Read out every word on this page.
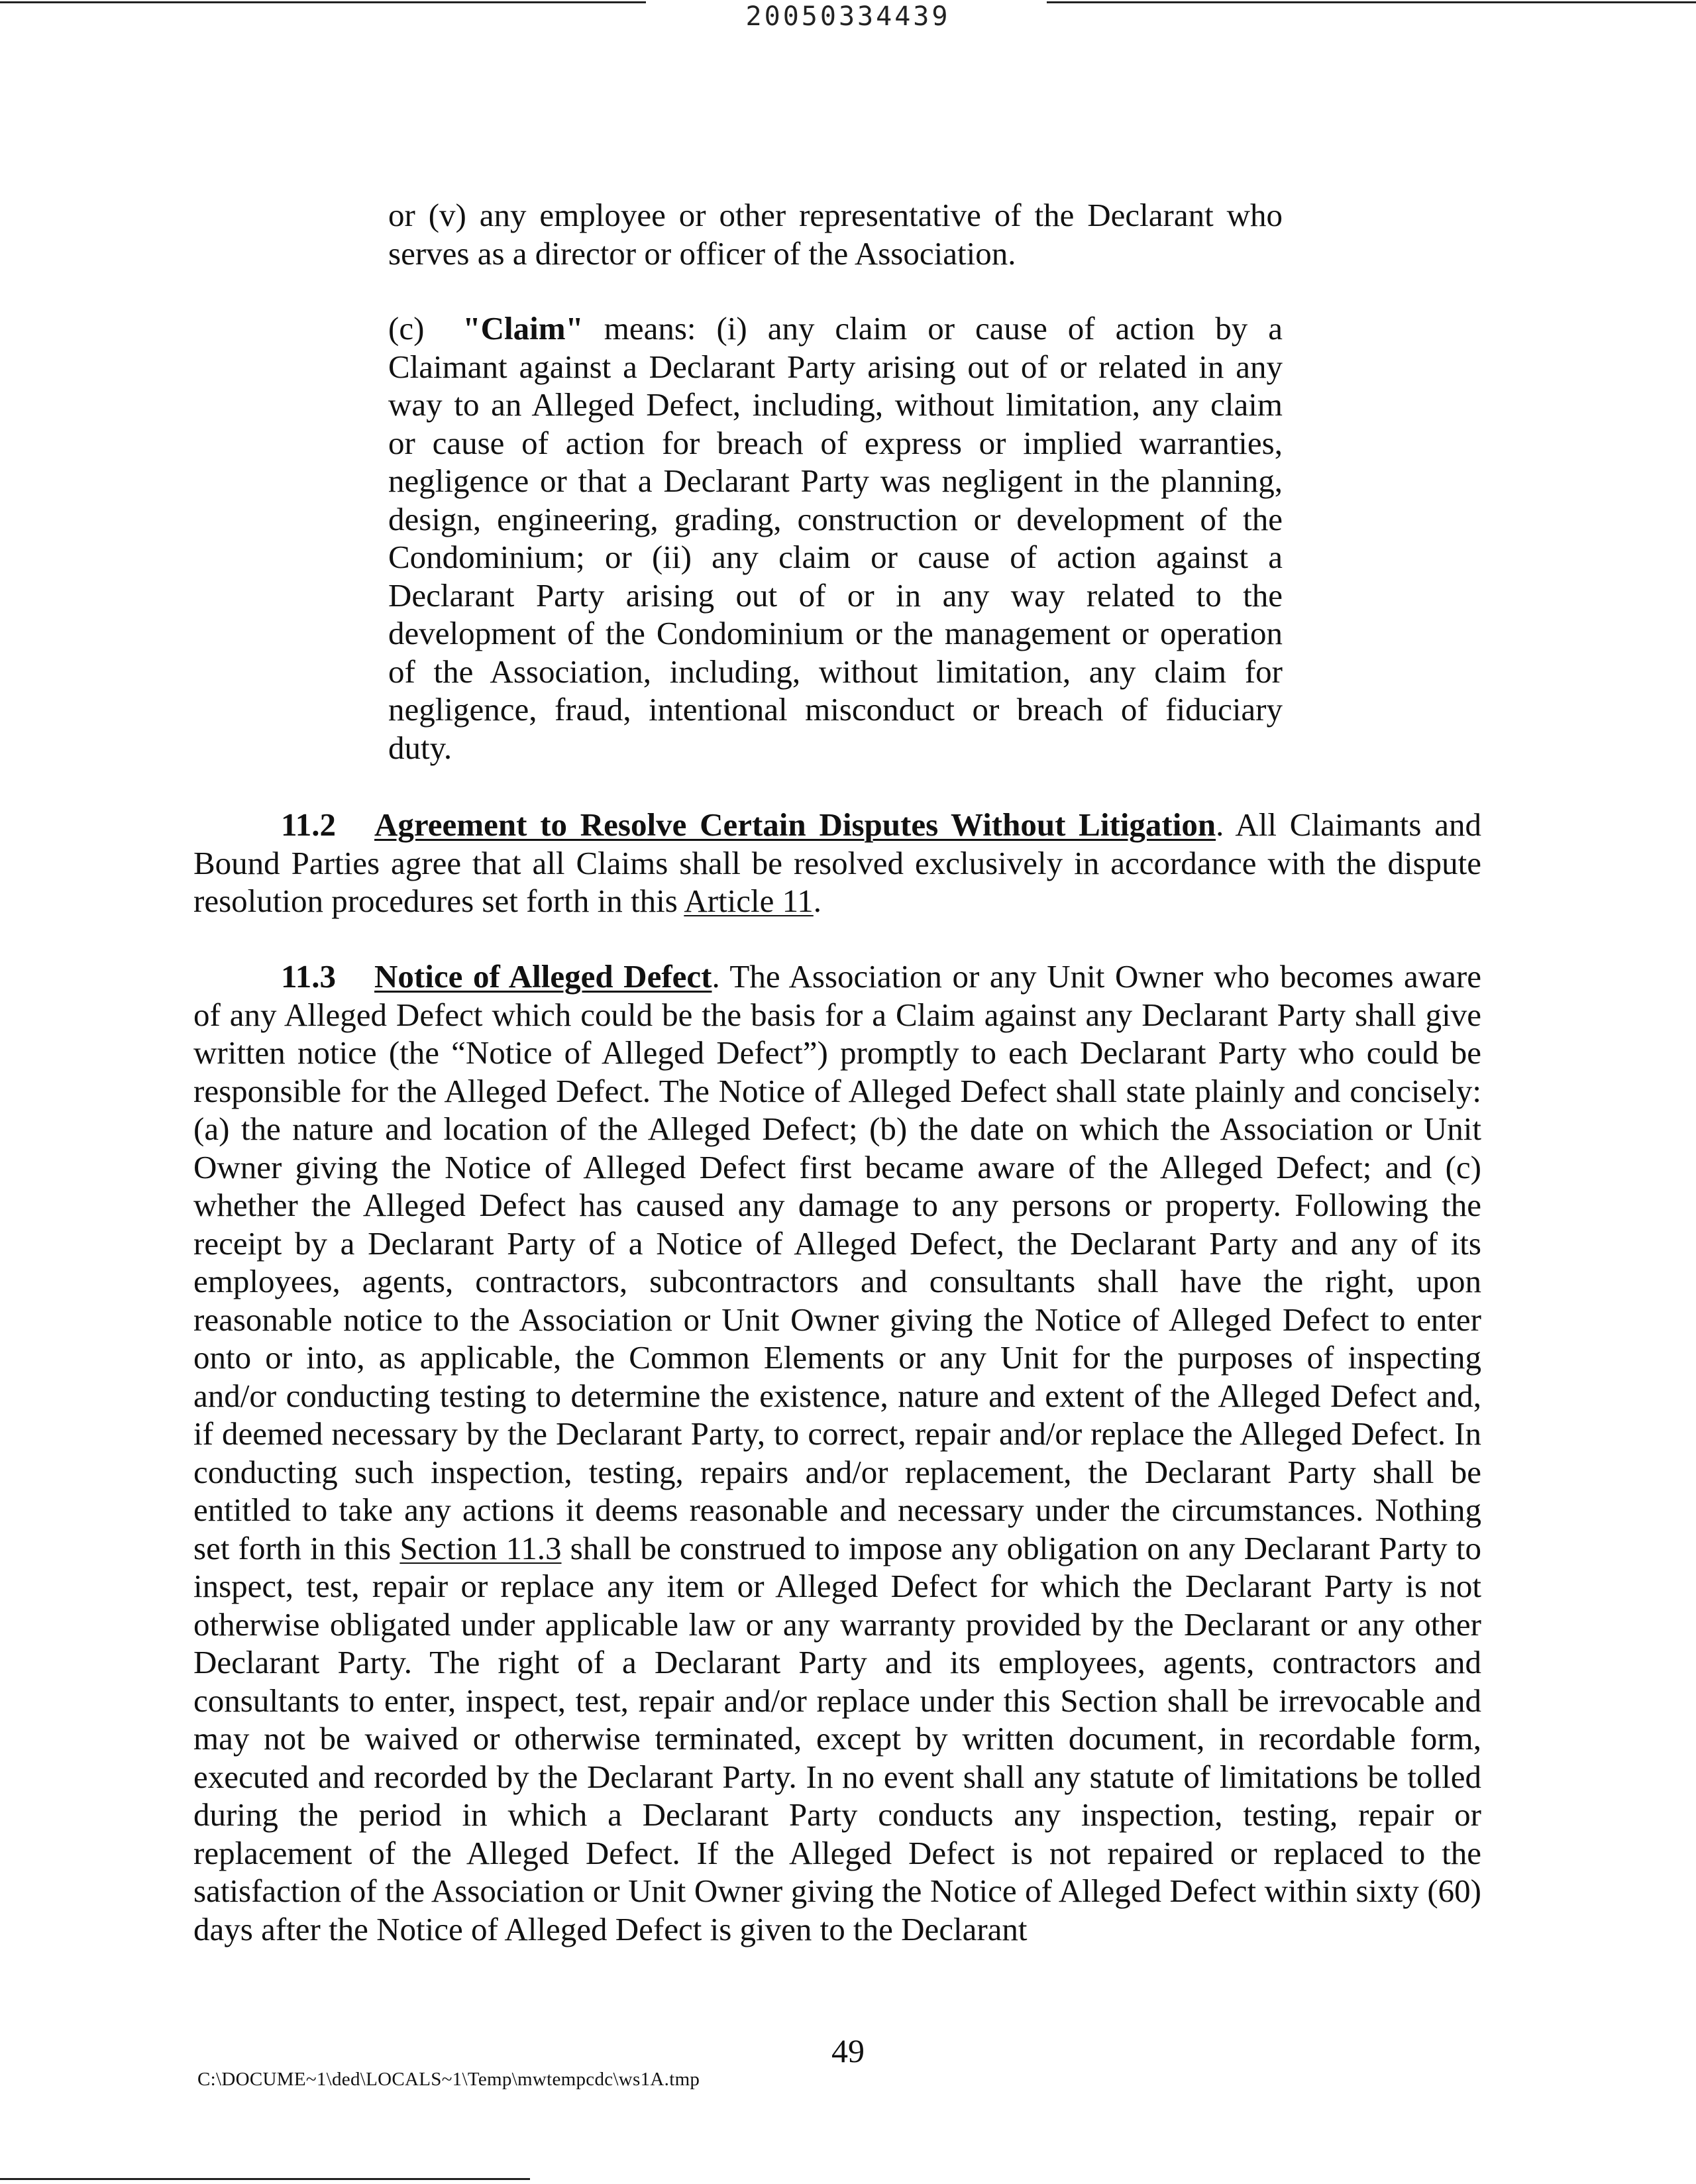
20050334439

or (v) any employee or other representative of the Declarant who serves as a director or officer of the Association.

(c) "Claim" means: (i) any claim or cause of action by a Claimant against a Declarant Party arising out of or related in any way to an Alleged Defect, including, without limitation, any claim or cause of action for breach of express or implied warranties, negligence or that a Declarant Party was negligent in the planning, design, engineering, grading, construction or development of the Condominium; or (ii) any claim or cause of action against a Declarant Party arising out of or in any way related to the development of the Condominium or the management or operation of the Association, including, without limitation, any claim for negligence, fraud, intentional misconduct or breach of fiduciary duty.

11.2 Agreement to Resolve Certain Disputes Without Litigation. All Claimants and Bound Parties agree that all Claims shall be resolved exclusively in accordance with the dispute resolution procedures set forth in this Article 11.

11.3 Notice of Alleged Defect. The Association or any Unit Owner who becomes aware of any Alleged Defect which could be the basis for a Claim against any Declarant Party shall give written notice (the “Notice of Alleged Defect”) promptly to each Declarant Party who could be responsible for the Alleged Defect. The Notice of Alleged Defect shall state plainly and concisely: (a) the nature and location of the Alleged Defect; (b) the date on which the Association or Unit Owner giving the Notice of Alleged Defect first became aware of the Alleged Defect; and (c) whether the Alleged Defect has caused any damage to any persons or property. Following the receipt by a Declarant Party of a Notice of Alleged Defect, the Declarant Party and any of its employees, agents, contractors, subcontractors and consultants shall have the right, upon reasonable notice to the Association or Unit Owner giving the Notice of Alleged Defect to enter onto or into, as applicable, the Common Elements or any Unit for the purposes of inspecting and/or conducting testing to determine the existence, nature and extent of the Alleged Defect and, if deemed necessary by the Declarant Party, to correct, repair and/or replace the Alleged Defect. In conducting such inspection, testing, repairs and/or replacement, the Declarant Party shall be entitled to take any actions it deems reasonable and necessary under the circumstances. Nothing set forth in this Section 11.3 shall be construed to impose any obligation on any Declarant Party to inspect, test, repair or replace any item or Alleged Defect for which the Declarant Party is not otherwise obligated under applicable law or any warranty provided by the Declarant or any other Declarant Party. The right of a Declarant Party and its employees, agents, contractors and consultants to enter, inspect, test, repair and/or replace under this Section shall be irrevocable and may not be waived or otherwise terminated, except by written document, in recordable form, executed and recorded by the Declarant Party. In no event shall any statute of limitations be tolled during the period in which a Declarant Party conducts any inspection, testing, repair or replacement of the Alleged Defect. If the Alleged Defect is not repaired or replaced to the satisfaction of the Association or Unit Owner giving the Notice of Alleged Defect within sixty (60) days after the Notice of Alleged Defect is given to the Declarant

49
C:\DOCUME~1\ded\LOCALS~1\Temp\mwtempcdc\ws1A.tmp
